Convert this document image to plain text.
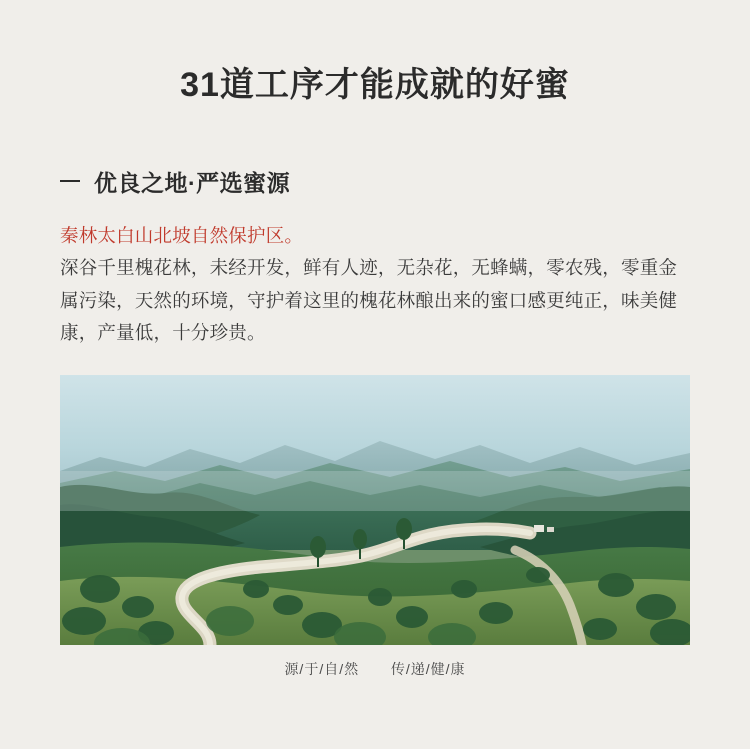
31道工序才能成就的好蜜
优良之地·严选蜜源
秦林太白山北坡自然保护区。
深谷千里槐花林，未经开发，鲜有人迹，无杂花，无蜂螨，零农残，零重金属污染，天然的环境，守护着这里的槐花林酿出来的蜜口感更纯正，味美健康，产量低，十分珍贵。
源/于/自/然 传/递/健/康
